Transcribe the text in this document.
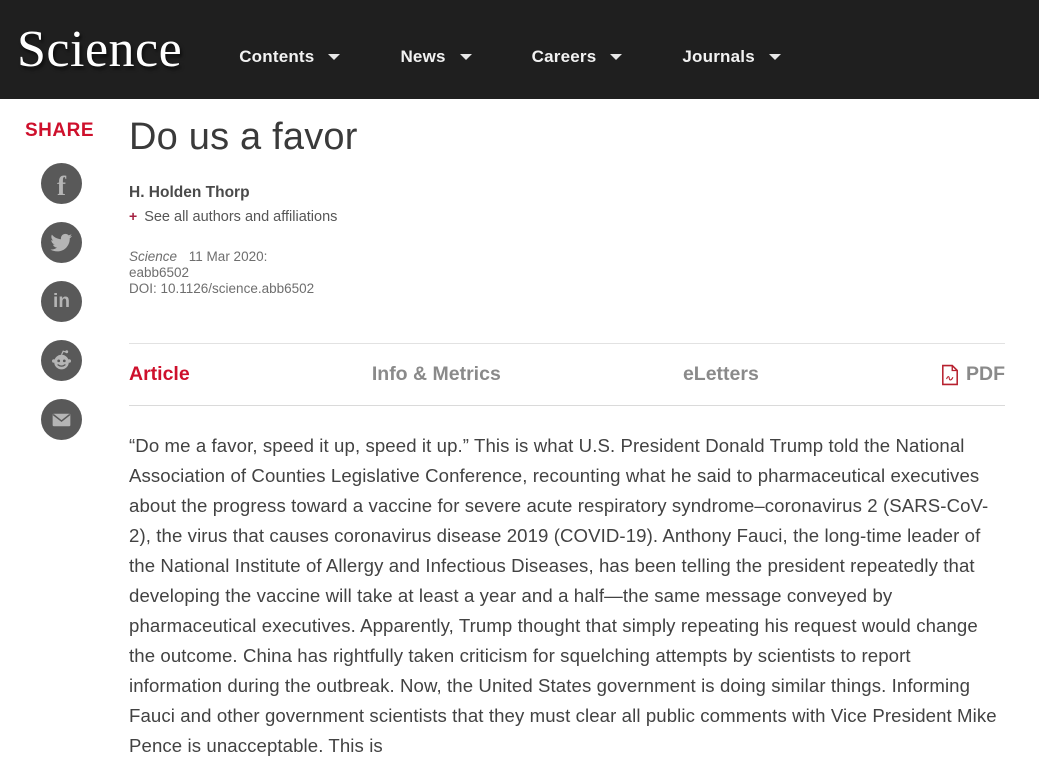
Science	Contents	News	Careers	Journals
SHARE
f
in
Do us a favor
H. Holden Thorp
+ See all authors and affiliations
Science 11 Mar 2020:
eabb6502
DOI: 10.1126/science.abb6502
Article	Info & Metrics	eLetters	PDF

“Do me a favor, speed it up, speed it up.” This is what U.S. President Donald Trump told the National Association of Counties Legislative Conference, recounting what he said to pharmaceutical executives about the progress toward a vaccine for severe acute respiratory syndrome–coronavirus 2 (SARS-CoV-2), the virus that causes coronavirus disease 2019 (COVID-19). Anthony Fauci, the long-time leader of the National Institute of Allergy and Infectious Diseases, has been telling the president repeatedly that developing the vaccine will take at least a year and a half—the same message conveyed by pharmaceutical executives. Apparently, Trump thought that simply repeating his request would change the outcome. China has rightfully taken criticism for squelching attempts by scientists to report information during the outbreak. Now, the United States government is doing similar things. Informing Fauci and other government scientists that they must clear all public comments with Vice President Mike Pence is unacceptable. This is
